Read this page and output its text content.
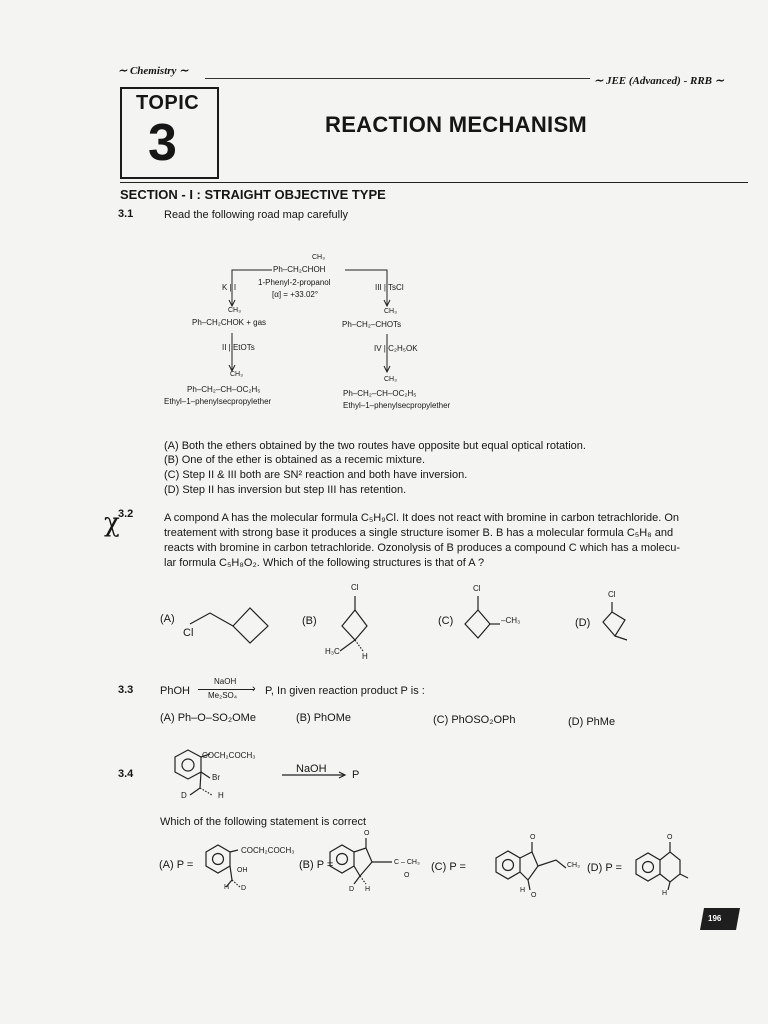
∼ Chemistry ∼
∼ JEE (Advanced) - RRB ∼
TOPIC
3	REACTION MECHANISM
SECTION - I : STRAIGHT OBJECTIVE TYPE
3.1	Read the following road map carefully
CH₃
Ph–CH₂CHOH
1-Phenyl-2-propanol
[α] = +33.02°
K | I	III | TsCl
CH₃
Ph–CH₂CHOK + gas
II | EtOTs
CH₃
Ph–CH₂–CHOTs
IV | C₂H₅OK
CH₃
Ph–CH₂–CH–OC₂H₅
Ethyl–1–phenylsecpropylether
CH₃
Ph–CH₂–CH–OC₂H₅
Ethyl–1–phenylsecpropylether
(A) Both the ethers obtained by the two routes have opposite but equal optical rotation.
(B) One of the ether is obtained as a recemic mixture.
(C) Step II & III both are SN² reaction and both have inversion.
(D) Step II has inversion but step III has retention.
χ
3.2	A compond A has the molecular formula C₅H₉Cl. It does not react with bromine in carbon tetrachloride. On
treatement with strong base it produces a single structure isomer B. B has a molecular formula C₅H₈ and
reacts with bromine in carbon tetrachloride. Ozonolysis of B produces a compound C which has a molecu-
lar formula C₅H₈O₂. Which of the following structures is that of A ?
(A)	(B)	(C)	(D)
Cl
Cl
H₃C
H
Cl
–CH₃
Cl
3.3 PhOH
NaOH
Me₂SO₄
› P, In given reaction product P is :
(A) Ph–O–SO₂OMe	(B) PhOMe	(C) PhOSO₂OPh	(D) PhMe
3.4
COCH₂COCH₃
Br
D	H
NaOH P
Which of the following statement is correct
COCH₂COCH₃
(A) P =	OH
H D
(B) P =
O
C – CH₃
O
D H
(C) P =
O
CH₃
H
O
(D) P =
O
H
196
